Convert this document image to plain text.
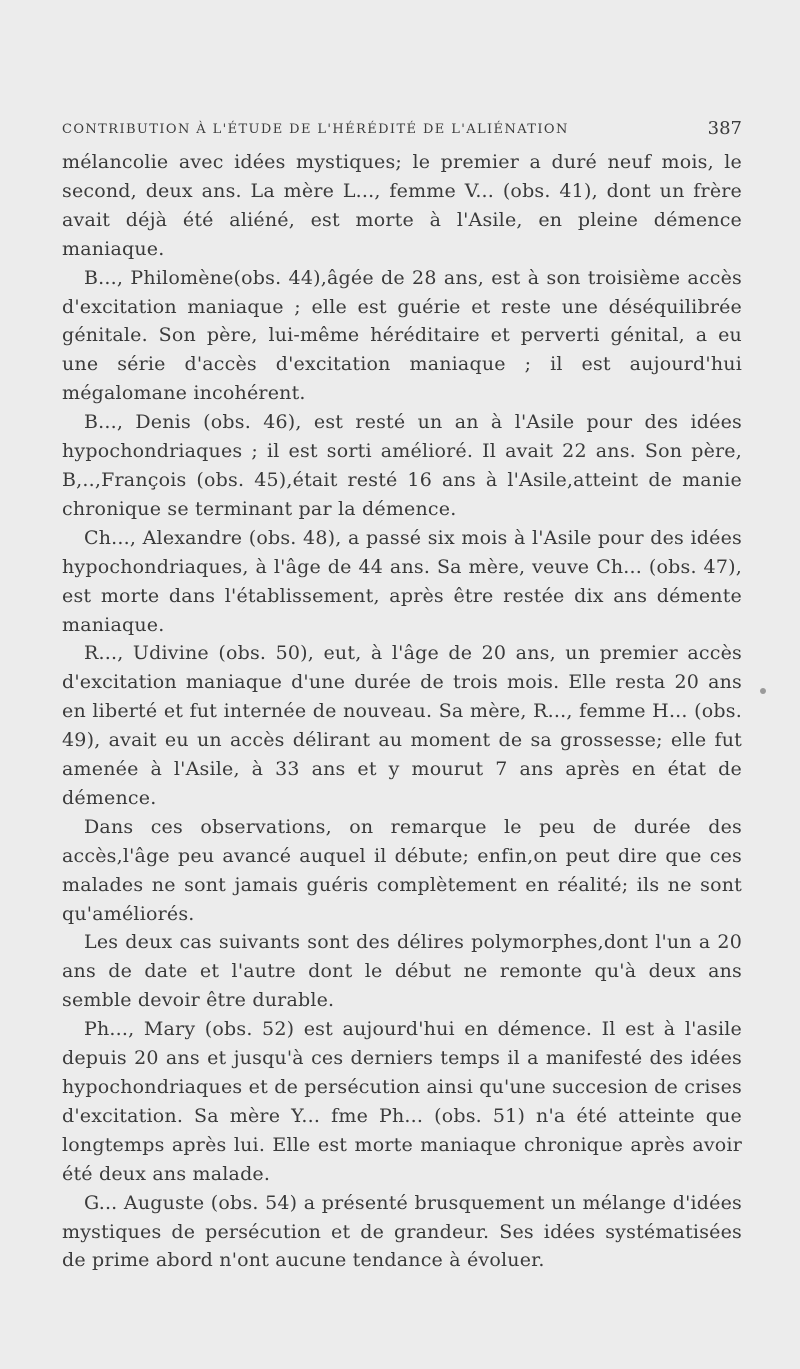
CONTRIBUTION À L'ÉTUDE DE L'HÉRÉDITÉ DE L'ALIÉNATION	387

mélancolie avec idées mystiques; le premier a duré neuf mois, le second, deux ans. La mère L..., femme V... (obs. 41), dont un frère avait déjà été aliéné, est morte à l'Asile, en pleine démence maniaque.

B..., Philomène(obs. 44),âgée de 28 ans, est à son troisième accès d'excitation maniaque ; elle est guérie et reste une déséquilibrée génitale. Son père, lui-même héréditaire et perverti génital, a eu une série d'accès d'excitation maniaque ; il est aujourd'hui mégalomane incohérent.

B..., Denis (obs. 46), est resté un an à l'Asile pour des idées hypochondriaques ; il est sorti amélioré. Il avait 22 ans. Son père, B,..,François (obs. 45),était resté 16 ans à l'Asile,atteint de manie chronique se terminant par la démence.

Ch..., Alexandre (obs. 48), a passé six mois à l'Asile pour des idées hypochondriaques, à l'âge de 44 ans. Sa mère, veuve Ch... (obs. 47), est morte dans l'établissement, après être restée dix ans démente maniaque.

R..., Udivine (obs. 50), eut, à l'âge de 20 ans, un premier accès d'excitation maniaque d'une durée de trois mois. Elle resta 20 ans en liberté et fut internée de nouveau. Sa mère, R..., femme H... (obs. 49), avait eu un accès délirant au moment de sa grossesse; elle fut amenée à l'Asile, à 33 ans et y mourut 7 ans après en état de démence.

Dans ces observations, on remarque le peu de durée des accès,l'âge peu avancé auquel il débute; enfin,on peut dire que ces malades ne sont jamais guéris complètement en réalité; ils ne sont qu'améliorés.

Les deux cas suivants sont des délires polymorphes,dont l'un a 20 ans de date et l'autre dont le début ne remonte qu'à deux ans semble devoir être durable.

Ph..., Mary (obs. 52) est aujourd'hui en démence. Il est à l'asile depuis 20 ans et jusqu'à ces derniers temps il a manifesté des idées hypochondriaques et de persécution ainsi qu'une succesion de crises d'excitation. Sa mère Y... fme Ph... (obs. 51) n'a été atteinte que longtemps après lui. Elle est morte maniaque chronique après avoir été deux ans malade.

G... Auguste (obs. 54) a présenté brusquement un mélange d'idées mystiques de persécution et de grandeur. Ses idées systématisées de prime abord n'ont aucune tendance à évoluer.
